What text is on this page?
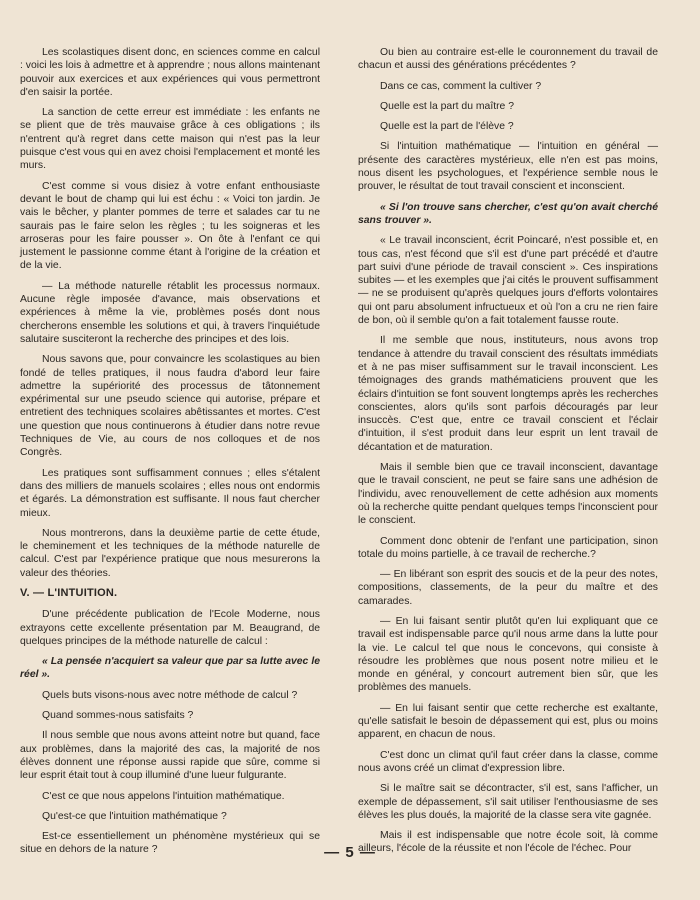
Les scolastiques disent donc, en sciences comme en calcul : voici les lois à admettre et à apprendre ; nous allons maintenant pouvoir aux exercices et aux expériences qui vous permettront d'en saisir la portée.

La sanction de cette erreur est immédiate : les enfants ne se plient que de très mauvaise grâce à ces obligations ; ils n'entrent qu'à regret dans cette maison qui n'est pas la leur puisque c'est vous qui en avez choisi l'emplacement et monté les murs.

C'est comme si vous disiez à votre enfant enthousiaste devant le bout de champ qui lui est échu : « Voici ton jardin. Je vais le bêcher, y planter pommes de terre et salades car tu ne saurais pas le faire selon les règles ; tu les soigneras et les arroseras pour les faire pousser ». On ôte à l'enfant ce qui justement le passionne comme étant à l'origine de la création et de la vie.

— La méthode naturelle rétablit les processus normaux. Aucune règle imposée d'avance, mais observations et expériences à même la vie, problèmes posés dont nous chercherons ensemble les solutions et qui, à travers l'inquiétude salutaire susciteront la recherche des principes et des lois.

Nous savons que, pour convaincre les scolastiques au bien fondé de telles pratiques, il nous faudra d'abord leur faire admettre la supériorité des processus de tâtonnement expérimental sur une pseudo science qui autorise, prépare et entretient des techniques scolaires abêtissantes et mortes. C'est une question que nous continuerons à étudier dans notre revue Techniques de Vie, au cours de nos colloques et de nos Congrès.

Les pratiques sont suffisamment connues ; elles s'étalent dans des milliers de manuels scolaires ; elles nous ont endormis et égarés. La démonstration est suffisante. Il nous faut chercher mieux.

Nous montrerons, dans la deuxième partie de cette étude, le cheminement et les techniques de la méthode naturelle de calcul. C'est par l'expérience pratique que nous mesurerons la valeur des théories.

V. — L'INTUITION.

D'une précédente publication de l'Ecole Moderne, nous extrayons cette excellente présentation par M. Beaugrand, de quelques principes de la méthode naturelle de calcul :

« La pensée n'acquiert sa valeur que par sa lutte avec le réel ».

Quels buts visons-nous avec notre méthode de calcul ?

Quand sommes-nous satisfaits ?

Il nous semble que nous avons atteint notre but quand, face aux problèmes, dans la majorité des cas, la majorité de nos élèves donnent une réponse aussi rapide que sûre, comme si leur esprit était tout à coup illuminé d'une lueur fulgurante.

C'est ce que nous appelons l'intuition mathématique.

Qu'est-ce que l'intuition mathématique ?

Est-ce essentiellement un phénomène mystérieux qui se situe en dehors de la nature ?

Ou bien au contraire est-elle le couronnement du travail de chacun et aussi des générations précédentes ?

Dans ce cas, comment la cultiver ?

Quelle est la part du maître ?

Quelle est la part de l'élève ?

Si l'intuition mathématique — l'intuition en général — présente des caractères mystérieux, elle n'en est pas moins, nous disent les psychologues, et l'expérience semble nous le prouver, le résultat de tout travail conscient et inconscient.

« Si l'on trouve sans chercher, c'est qu'on avait cherché sans trouver ».

« Le travail inconscient, écrit Poincaré, n'est possible et, en tous cas, n'est fécond que s'il est d'une part précédé et d'autre part suivi d'une période de travail conscient ». Ces inspirations subites — et les exemples que j'ai cités le prouvent suffisamment — ne se produisent qu'après quelques jours d'efforts volontaires qui ont paru absolument infructueux et où l'on a cru ne rien faire de bon, où il semble qu'on a fait totalement fausse route.

Il me semble que nous, instituteurs, nous avons trop tendance à attendre du travail conscient des résultats immédiats et à ne pas miser suffisamment sur le travail inconscient. Les témoignages des grands mathématiciens prouvent que les éclairs d'intuition se font souvent longtemps après les recherches conscientes, alors qu'ils sont parfois découragés par leur insuccès. C'est que, entre ce travail conscient et l'éclair d'intuition, il s'est produit dans leur esprit un lent travail de décantation et de maturation.

Mais il semble bien que ce travail inconscient, davantage que le travail conscient, ne peut se faire sans une adhésion de l'individu, avec renouvellement de cette adhésion aux moments où la recherche quitte pendant quelques temps l'inconscient pour le conscient.

Comment donc obtenir de l'enfant une participation, sinon totale du moins partielle, à ce travail de recherche.?

— En libérant son esprit des soucis et de la peur des notes, compositions, classements, de la peur du maître et des camarades.

— En lui faisant sentir plutôt qu'en lui expliquant que ce travail est indispensable parce qu'il nous arme dans la lutte pour la vie. Le calcul tel que nous le concevons, qui consiste à résoudre les problèmes que nous posent notre milieu et le monde en général, y concourt autrement bien sûr, que les problèmes des manuels.

— En lui faisant sentir que cette recherche est exaltante, qu'elle satisfait le besoin de dépassement qui est, plus ou moins apparent, en chacun de nous.

C'est donc un climat qu'il faut créer dans la classe, comme nous avons créé un climat d'expression libre.

Si le maître sait se décontracter, s'il est, sans l'afficher, un exemple de dépassement, s'il sait utiliser l'enthousiasme de ses élèves les plus doués, la majorité de la classe sera vite gagnée.

Mais il est indispensable que notre école soit, là comme ailleurs, l'école de la réussite et non l'école de l'échec. Pour

— 5 —
